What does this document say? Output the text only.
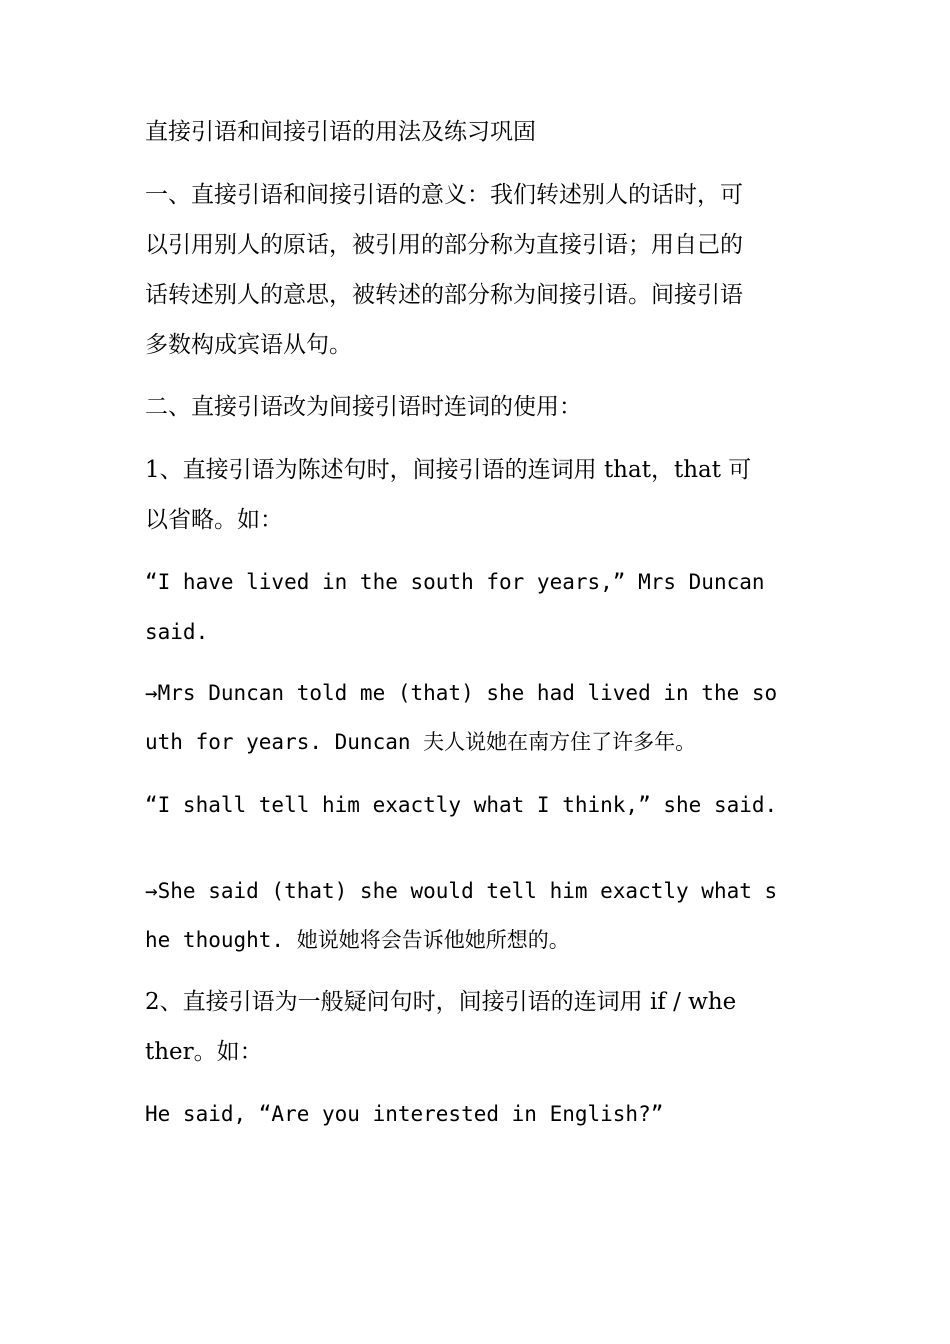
直接引语和间接引语的用法及练习巩固
一、直接引语和间接引语的意义：我们转述别人的话时，可
以引用别人的原话，被引用的部分称为直接引语；用自己的
话转述别人的意思，被转述的部分称为间接引语。间接引语
多数构成宾语从句。
二、直接引语改为间接引语时连词的使用：
1、直接引语为陈述句时，间接引语的连词用 that，that 可
以省略。如：
“I have lived in the south for years,” Mrs Duncan
said.
→Mrs Duncan told me (that) she had lived in the so
uth for years. Duncan 夫人说她在南方住了许多年。
“I shall tell him exactly what I think,” she said.
→She said (that) she would tell him exactly what s
he thought. 她说她将会告诉他她所想的。
2、直接引语为一般疑问句时，间接引语的连词用 if / whe
ther。如：
He said, “Are you interested in English?”
